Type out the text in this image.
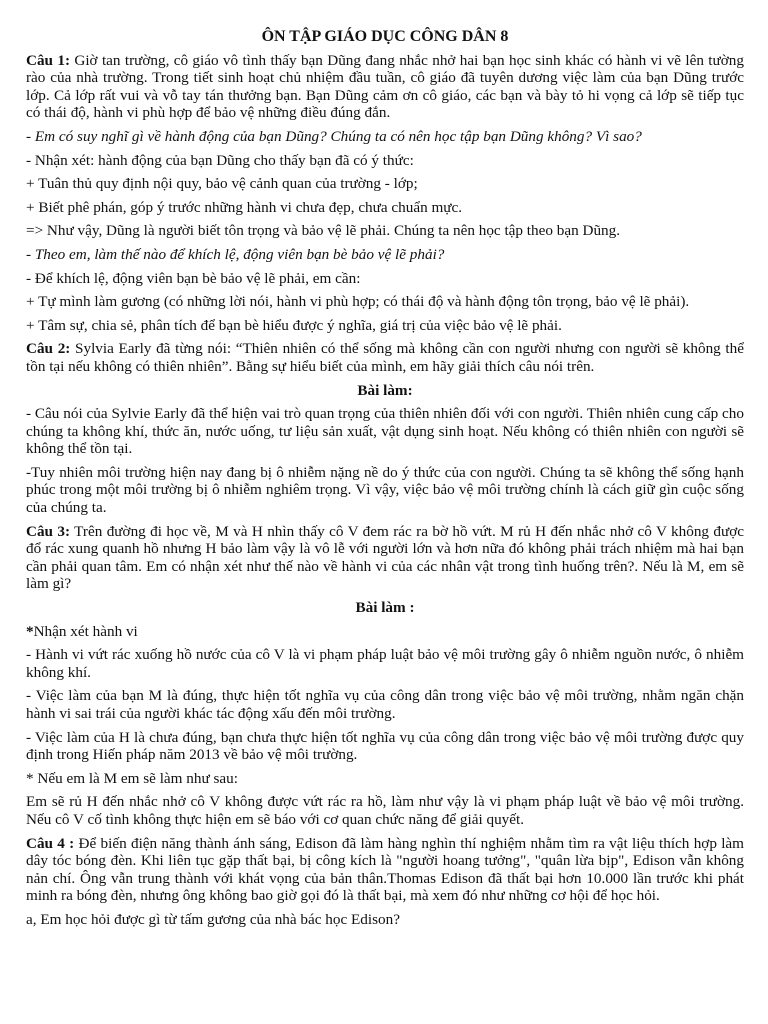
ÔN TẬP GIÁO DỤC CÔNG DÂN 8

Câu 1: Giờ tan trường, cô giáo vô tình thấy bạn Dũng đang nhắc nhở hai bạn học sinh khác có hành vi vẽ lên tường rào của nhà trường. Trong tiết sinh hoạt chủ nhiệm đầu tuần, cô giáo đã tuyên dương việc làm của bạn Dũng trước lớp. Cả lớp rất vui và vỗ tay tán thưởng bạn. Bạn Dũng cảm ơn cô giáo, các bạn và bày tỏ hi vọng cả lớp sẽ tiếp tục có thái độ, hành vi phù hợp để bảo vệ những điều đúng đắn.

- Em có suy nghĩ gì về hành động của bạn Dũng? Chúng ta có nên học tập bạn Dũng không? Vì sao?

- Nhận xét: hành động của bạn Dũng cho thấy bạn đã có ý thức:

+ Tuân thủ quy định nội quy, bảo vệ cảnh quan của trường - lớp;

+ Biết phê phán, góp ý trước những hành vi chưa đẹp, chưa chuẩn mực.

=> Như vậy, Dũng là người biết tôn trọng và bảo vệ lẽ phải. Chúng ta nên học tập theo bạn Dũng.

- Theo em, làm thế nào để khích lệ, động viên bạn bè bảo vệ lẽ phải?

- Để khích lệ, động viên bạn bè bảo vệ lẽ phải, em cần:

+ Tự mình làm gương (có những lời nói, hành vi phù hợp; có thái độ và hành động tôn trọng, bảo vệ lẽ phải).

+ Tâm sự, chia sẻ, phân tích để bạn bè hiểu được ý nghĩa, giá trị của việc bảo vệ lẽ phải.

Câu 2: Sylvia Early đã từng nói: “Thiên nhiên có thể sống mà không cần con người nhưng con người sẽ không thể tồn tại nếu không có thiên nhiên”. Bằng sự hiểu biết của mình, em hãy giải thích câu nói trên.

Bài làm:

- Câu nói của Sylvie Early đã thể hiện vai trò quan trọng của thiên nhiên đối với con người. Thiên nhiên cung cấp cho chúng ta không khí, thức ăn, nước uống, tư liệu sản xuất, vật dụng sinh hoạt. Nếu không có thiên nhiên con người sẽ không thể tồn tại.

-Tuy nhiên môi trường hiện nay đang bị ô nhiễm nặng nề do ý thức của con người. Chúng ta sẽ không thể sống hạnh phúc trong một môi trường bị ô nhiễm nghiêm trọng. Vì vậy, việc bảo vệ môi trường chính là cách giữ gìn cuộc sống của chúng ta.

Câu 3: Trên đường đi học về, M và H nhìn thấy cô V đem rác ra bờ hồ vứt. M rủ H đến nhắc nhở cô V không được đổ rác xung quanh hồ nhưng H bảo làm vậy là vô lễ với người lớn và hơn nữa đó không phải trách nhiệm mà hai bạn cần phải quan tâm. Em có nhận xét như thế nào về hành vi của các nhân vật trong tình huống trên?. Nếu là M, em sẽ làm gì?

Bài làm :

*Nhận xét hành vi

- Hành vi vứt rác xuống hồ nước của cô V là vi phạm pháp luật bảo vệ môi trường gây ô nhiễm nguồn nước, ô nhiễm không khí.

- Việc làm của bạn M là đúng, thực hiện tốt nghĩa vụ của công dân trong việc bảo vệ môi trường, nhằm ngăn chặn hành vi sai trái của người khác tác động xấu đến môi trường.

- Việc làm của H là chưa đúng, bạn chưa thực hiện tốt nghĩa vụ của công dân trong việc bảo vệ môi trường được quy định trong Hiến pháp năm 2013 về bảo vệ môi trường.

* Nếu em là M em sẽ làm như sau:

Em sẽ rủ H đến nhắc nhở cô V không được vứt rác ra hồ, làm như vậy là vi phạm pháp luật về bảo vệ môi trường. Nếu cô V cố tình không thực hiện em sẽ báo với cơ quan chức năng để giải quyết.

Câu 4 : Để biến điện năng thành ánh sáng, Edison đã làm hàng nghìn thí nghiệm nhằm tìm ra vật liệu thích hợp làm dây tóc bóng đèn. Khi liên tục gặp thất bại, bị công kích là "người hoang tưởng", "quân lừa bịp", Edison vẫn không nản chí. Ông vẫn trung thành với khát vọng của bản thân.Thomas Edison đã thất bại hơn 10.000 lần trước khi phát minh ra bóng đèn, nhưng ông không bao giờ gọi đó là thất bại, mà xem đó như những cơ hội để học hỏi.

a, Em học hỏi được gì từ tấm gương của nhà bác học Edison?
